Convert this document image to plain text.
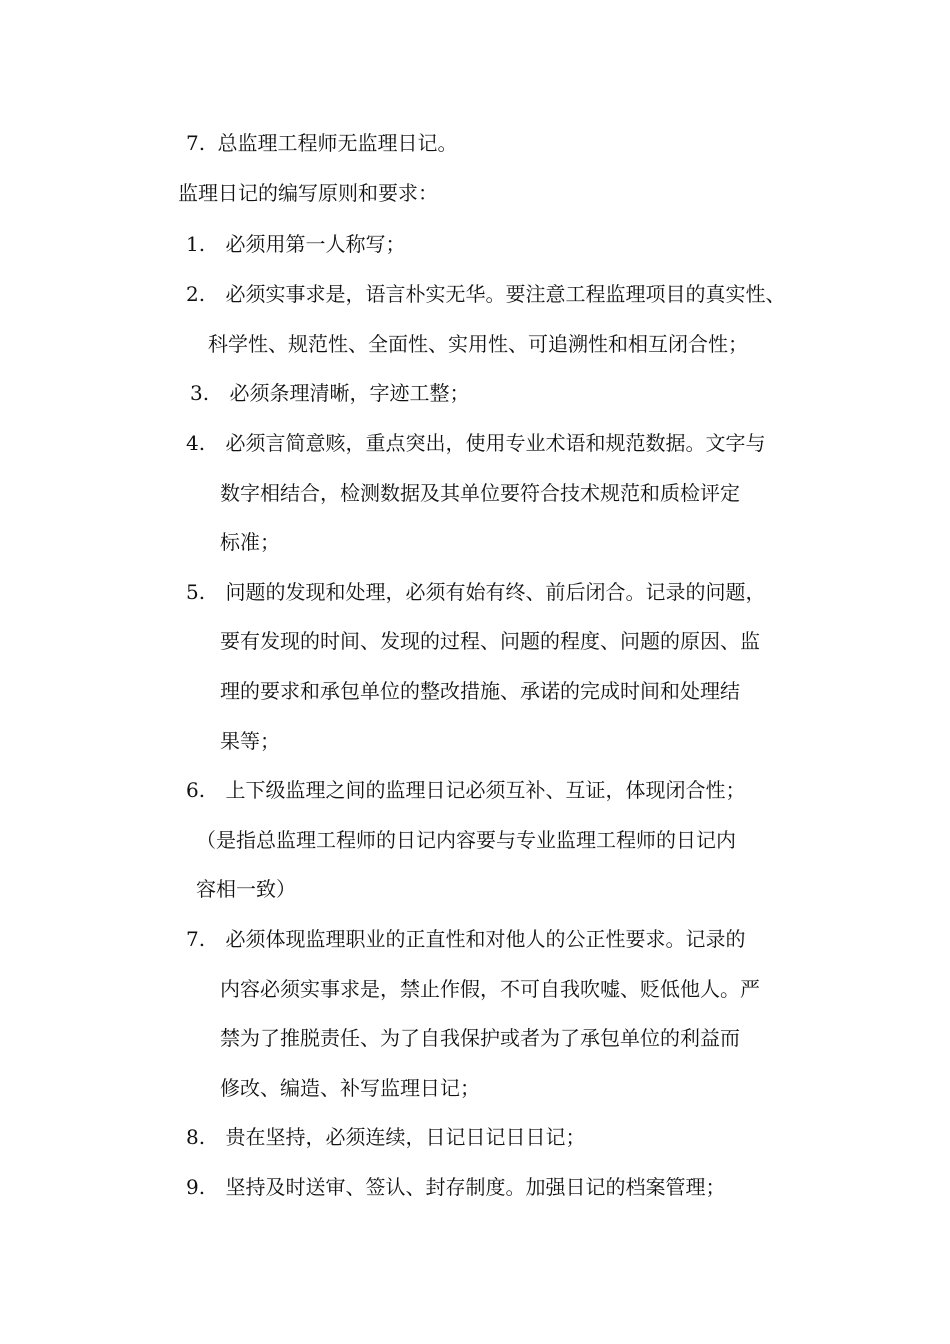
7. 总监理工程师无监理日记。
监理日记的编写原则和要求：
1. 必须用第一人称写；
2. 必须实事求是，语言朴实无华。要注意工程监理项目的真实性、
科学性、规范性、全面性、实用性、可追溯性和相互闭合性；
3. 必须条理清晰，字迹工整；
4. 必须言简意赅，重点突出，使用专业术语和规范数据。文字与
数字相结合，检测数据及其单位要符合技术规范和质检评定
标准；
5. 问题的发现和处理，必须有始有终、前后闭合。记录的问题，
要有发现的时间、发现的过程、问题的程度、问题的原因、监
理的要求和承包单位的整改措施、承诺的完成时间和处理结
果等；
6. 上下级监理之间的监理日记必须互补、互证，体现闭合性；
（是指总监理工程师的日记内容要与专业监理工程师的日记内
容相一致）
7. 必须体现监理职业的正直性和对他人的公正性要求。记录的
内容必须实事求是，禁止作假，不可自我吹嘘、贬低他人。严
禁为了推脱责任、为了自我保护或者为了承包单位的利益而
修改、编造、补写监理日记；
8. 贵在坚持，必须连续，日记日记日日记；
9. 坚持及时送审、签认、封存制度。加强日记的档案管理；
